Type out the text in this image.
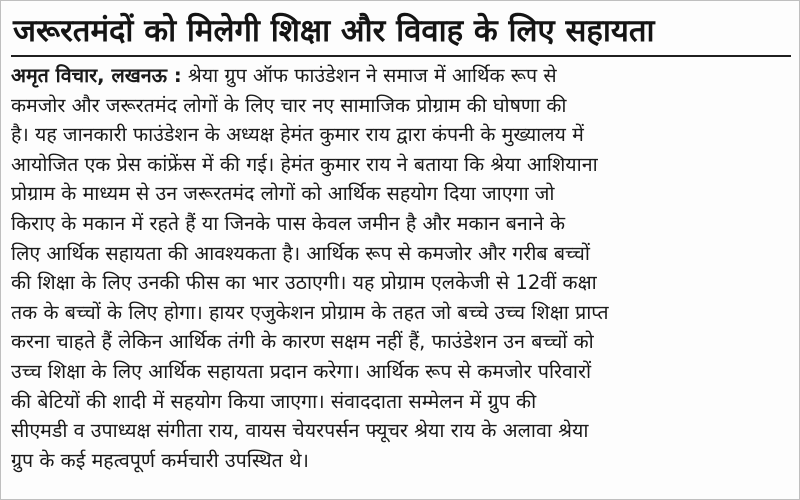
जरूरतमंदों को मिलेगी शिक्षा और विवाह के लिए सहायता
अमृत विचार, लखनऊ : श्रेया ग्रुप ऑफ फाउंडेशन ने समाज में आर्थिक रूप से
कमजोर और जरूरतमंद लोगों के लिए चार नए सामाजिक प्रोग्राम की घोषणा की
है। यह जानकारी फाउंडेशन के अध्यक्ष हेमंत कुमार राय द्वारा कंपनी के मुख्यालय में
आयोजित एक प्रेस कांफ्रेंस में की गई। हेमंत कुमार राय ने बताया कि श्रेया आशियाना
प्रोग्राम के माध्यम से उन जरूरतमंद लोगों को आर्थिक सहयोग दिया जाएगा जो
किराए के मकान में रहते हैं या जिनके पास केवल जमीन है और मकान बनाने के
लिए आर्थिक सहायता की आवश्यकता है। आर्थिक रूप से कमजोर और गरीब बच्चों
की शिक्षा के लिए उनकी फीस का भार उठाएगी। यह प्रोग्राम एलकेजी से 12वीं कक्षा
तक के बच्चों के लिए होगा। हायर एजुकेशन प्रोग्राम के तहत जो बच्चे उच्च शिक्षा प्राप्त
करना चाहते हैं लेकिन आर्थिक तंगी के कारण सक्षम नहीं हैं, फाउंडेशन उन बच्चों को
उच्च शिक्षा के लिए आर्थिक सहायता प्रदान करेगा। आर्थिक रूप से कमजोर परिवारों
की बेटियों की शादी में सहयोग किया जाएगा। संवाददाता सम्मेलन में ग्रुप की
सीएमडी व उपाध्यक्ष संगीता राय, वायस चेयरपर्सन फ्यूचर श्रेया राय के अलावा श्रेया
ग्रुप के कई महत्वपूर्ण कर्मचारी उपस्थित थे।
